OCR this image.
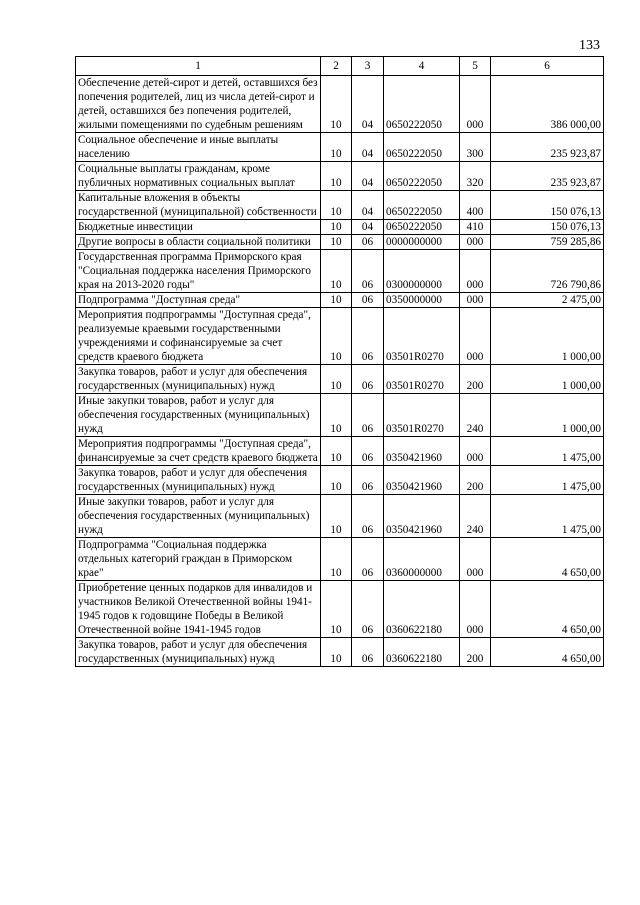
133
1	2	3	4	5	6
Обеспечение детей-сирот и детей, оставшихся без попечения родителей, лиц из числа детей-сирот и детей, оставшихся без попечения родителей, жилыми помещениями по судебным решениям	10	04	0650222050	000	386 000,00
Социальное обеспечение и иные выплаты населению	10	04	0650222050	300	235 923,87
Социальные выплаты гражданам, кроме публичных нормативных социальных выплат	10	04	0650222050	320	235 923,87
Капитальные вложения в объекты государственной (муниципальной) собственности	10	04	0650222050	400	150 076,13
Бюджетные инвестиции	10	04	0650222050	410	150 076,13
Другие вопросы в области социальной политики	10	06	0000000000	000	759 285,86
Государственная программа Приморского края "Социальная поддержка населения Приморского края на 2013-2020 годы"	10	06	0300000000	000	726 790,86
Подпрограмма "Доступная среда"	10	06	0350000000	000	2 475,00
Мероприятия подпрограммы "Доступная среда", реализуемые краевыми государственными учреждениями и софинансируемые за счет средств краевого бюджета	10	06	03501R0270	000	1 000,00
Закупка товаров, работ и услуг для обеспечения государственных (муниципальных) нужд	10	06	03501R0270	200	1 000,00
Иные закупки товаров, работ и услуг для обеспечения государственных (муниципальных) нужд	10	06	03501R0270	240	1 000,00
Мероприятия подпрограммы "Доступная среда", финансируемые за счет средств краевого бюджета	10	06	0350421960	000	1 475,00
Закупка товаров, работ и услуг для обеспечения государственных (муниципальных) нужд	10	06	0350421960	200	1 475,00
Иные закупки товаров, работ и услуг для обеспечения государственных (муниципальных) нужд	10	06	0350421960	240	1 475,00
Подпрограмма "Социальная поддержка отдельных категорий граждан в Приморском крае"	10	06	0360000000	000	4 650,00
Приобретение ценных подарков для инвалидов и участников Великой Отечественной войны 1941-1945 годов к годовщине Победы в Великой Отечественной войне 1941-1945 годов	10	06	0360622180	000	4 650,00
Закупка товаров, работ и услуг для обеспечения государственных (муниципальных) нужд	10	06	0360622180	200	4 650,00
